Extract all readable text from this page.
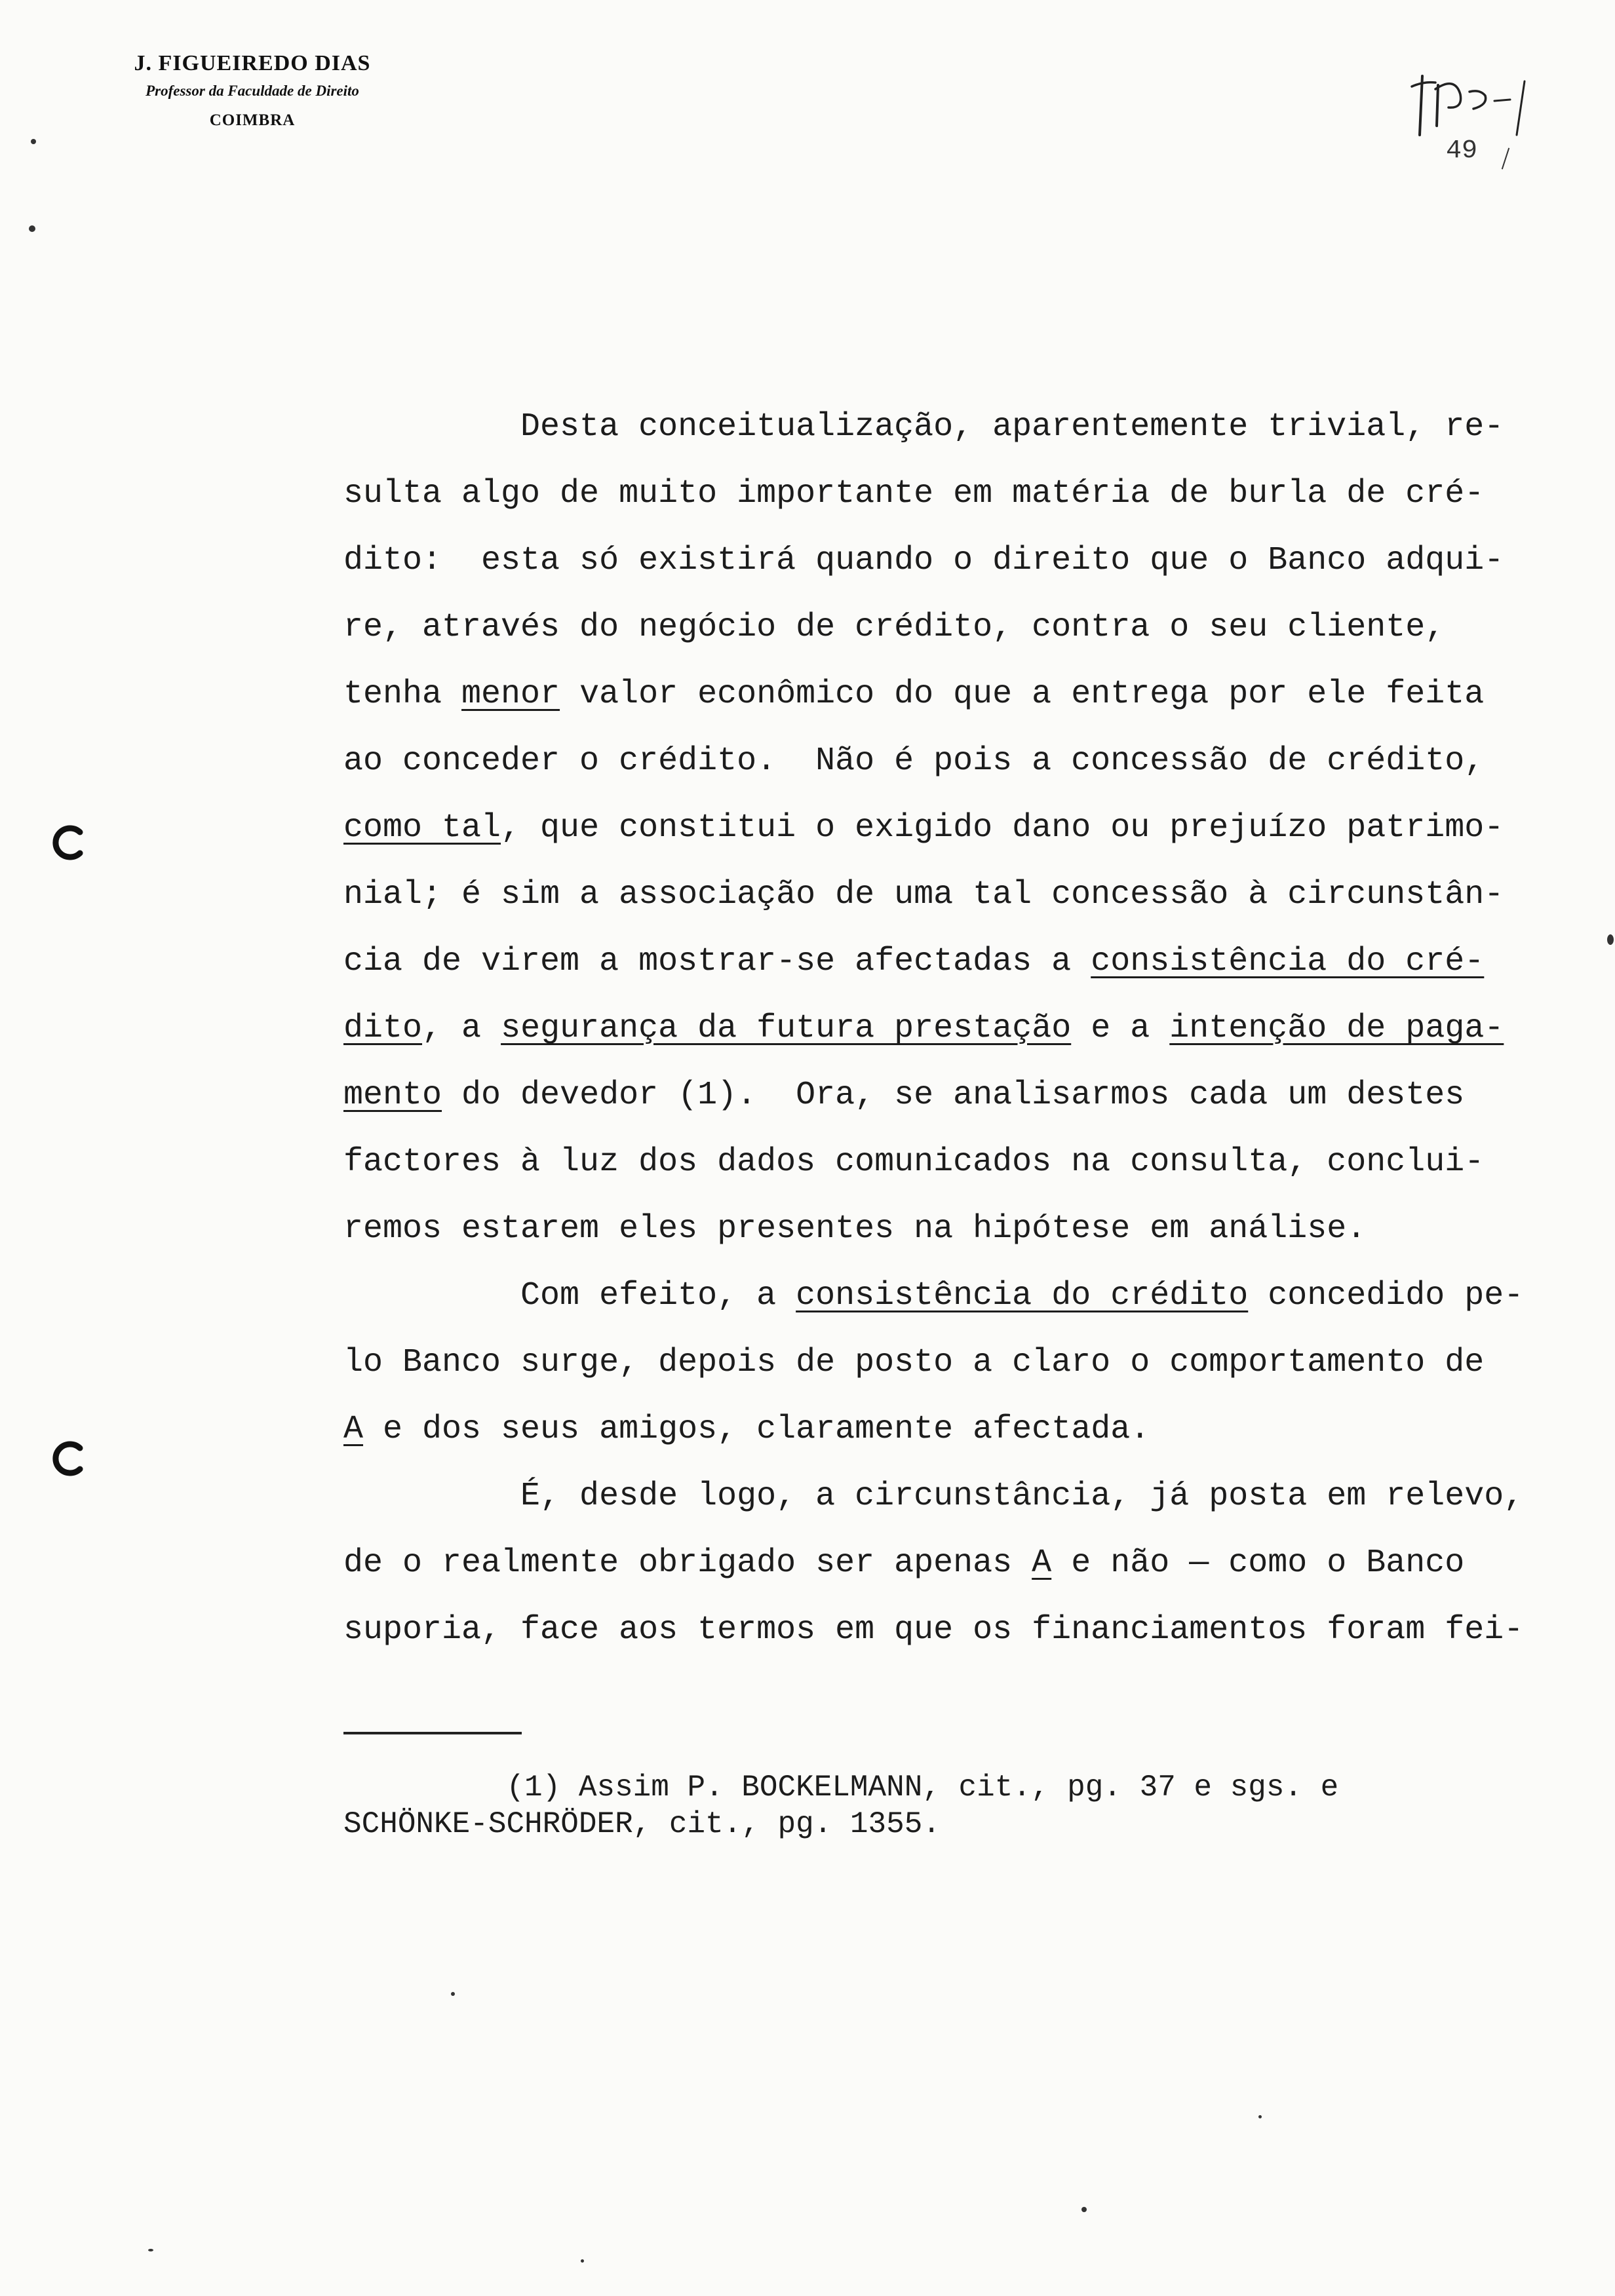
J. FIGUEIREDO DIAS
Professor da Faculdade de Direito
COIMBRA
49
Desta conceitualização, aparentemente trivial, re-
sulta algo de muito importante em matéria de burla de cré-
dito:  esta só existirá quando o direito que o Banco adqui-
re, através do negócio de crédito, contra o seu cliente,
tenha menor valor econômico do que a entrega por ele feita
ao conceder o crédito.  Não é pois a concessão de crédito,
como tal, que constitui o exigido dano ou prejuízo patrimo-
nial; é sim a associação de uma tal concessão à circunstân-
cia de virem a mostrar-se afectadas a consistência do cré-
dito, a segurança da futura prestação e a intenção de paga-
mento do devedor (1).  Ora, se analisarmos cada um destes
factores à luz dos dados comunicados na consulta, conclui-
remos estarem eles presentes na hipótese em análise.
Com efeito, a consistência do crédito concedido pe-
lo Banco surge, depois de posto a claro o comportamento de
A e dos seus amigos, claramente afectada.
É, desde logo, a circunstância, já posta em relevo,
de o realmente obrigado ser apenas A e não — como o Banco
suporia, face aos termos em que os financiamentos foram fei-
(1) Assim P. BOCKELMANN, cit., pg. 37 e sgs. e
SCHÖNKE-SCHRÖDER, cit., pg. 1355.
